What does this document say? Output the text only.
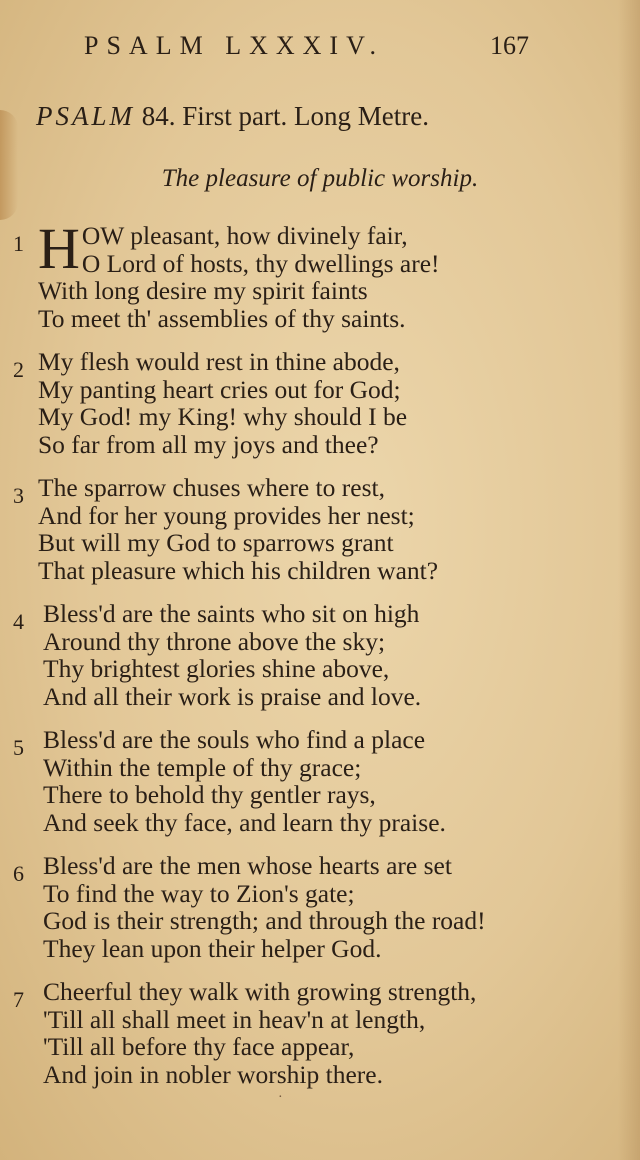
PSALM LXXXIV.	167
PSALM 84. First part. Long Metre.
The pleasure of public worship.
1 H OW pleasant, how divinely fair,
O Lord of hosts, thy dwellings are!
With long desire my spirit faints
To meet th' assemblies of thy saints.
2 My flesh would rest in thine abode,
My panting heart cries out for God;
My God! my King! why should I be
So far from all my joys and thee?
3 The sparrow chuses where to rest,
And for her young provides her nest;
But will my God to sparrows grant
That pleasure which his children want?
4 Bless'd are the saints who sit on high
Around thy throne above the sky;
Thy brightest glories shine above,
And all their work is praise and love.
5 Bless'd are the souls who find a place
Within the temple of thy grace;
There to behold thy gentler rays,
And seek thy face, and learn thy praise.
6 Bless'd are the men whose hearts are set
To find the way to Zion's gate;
God is their strength; and through the road!
They lean upon their helper God.
7 Cheerful they walk with growing strength,
'Till all shall meet in heav'n at length,
'Till all before thy face appear,
And join in nobler worship there.
·
